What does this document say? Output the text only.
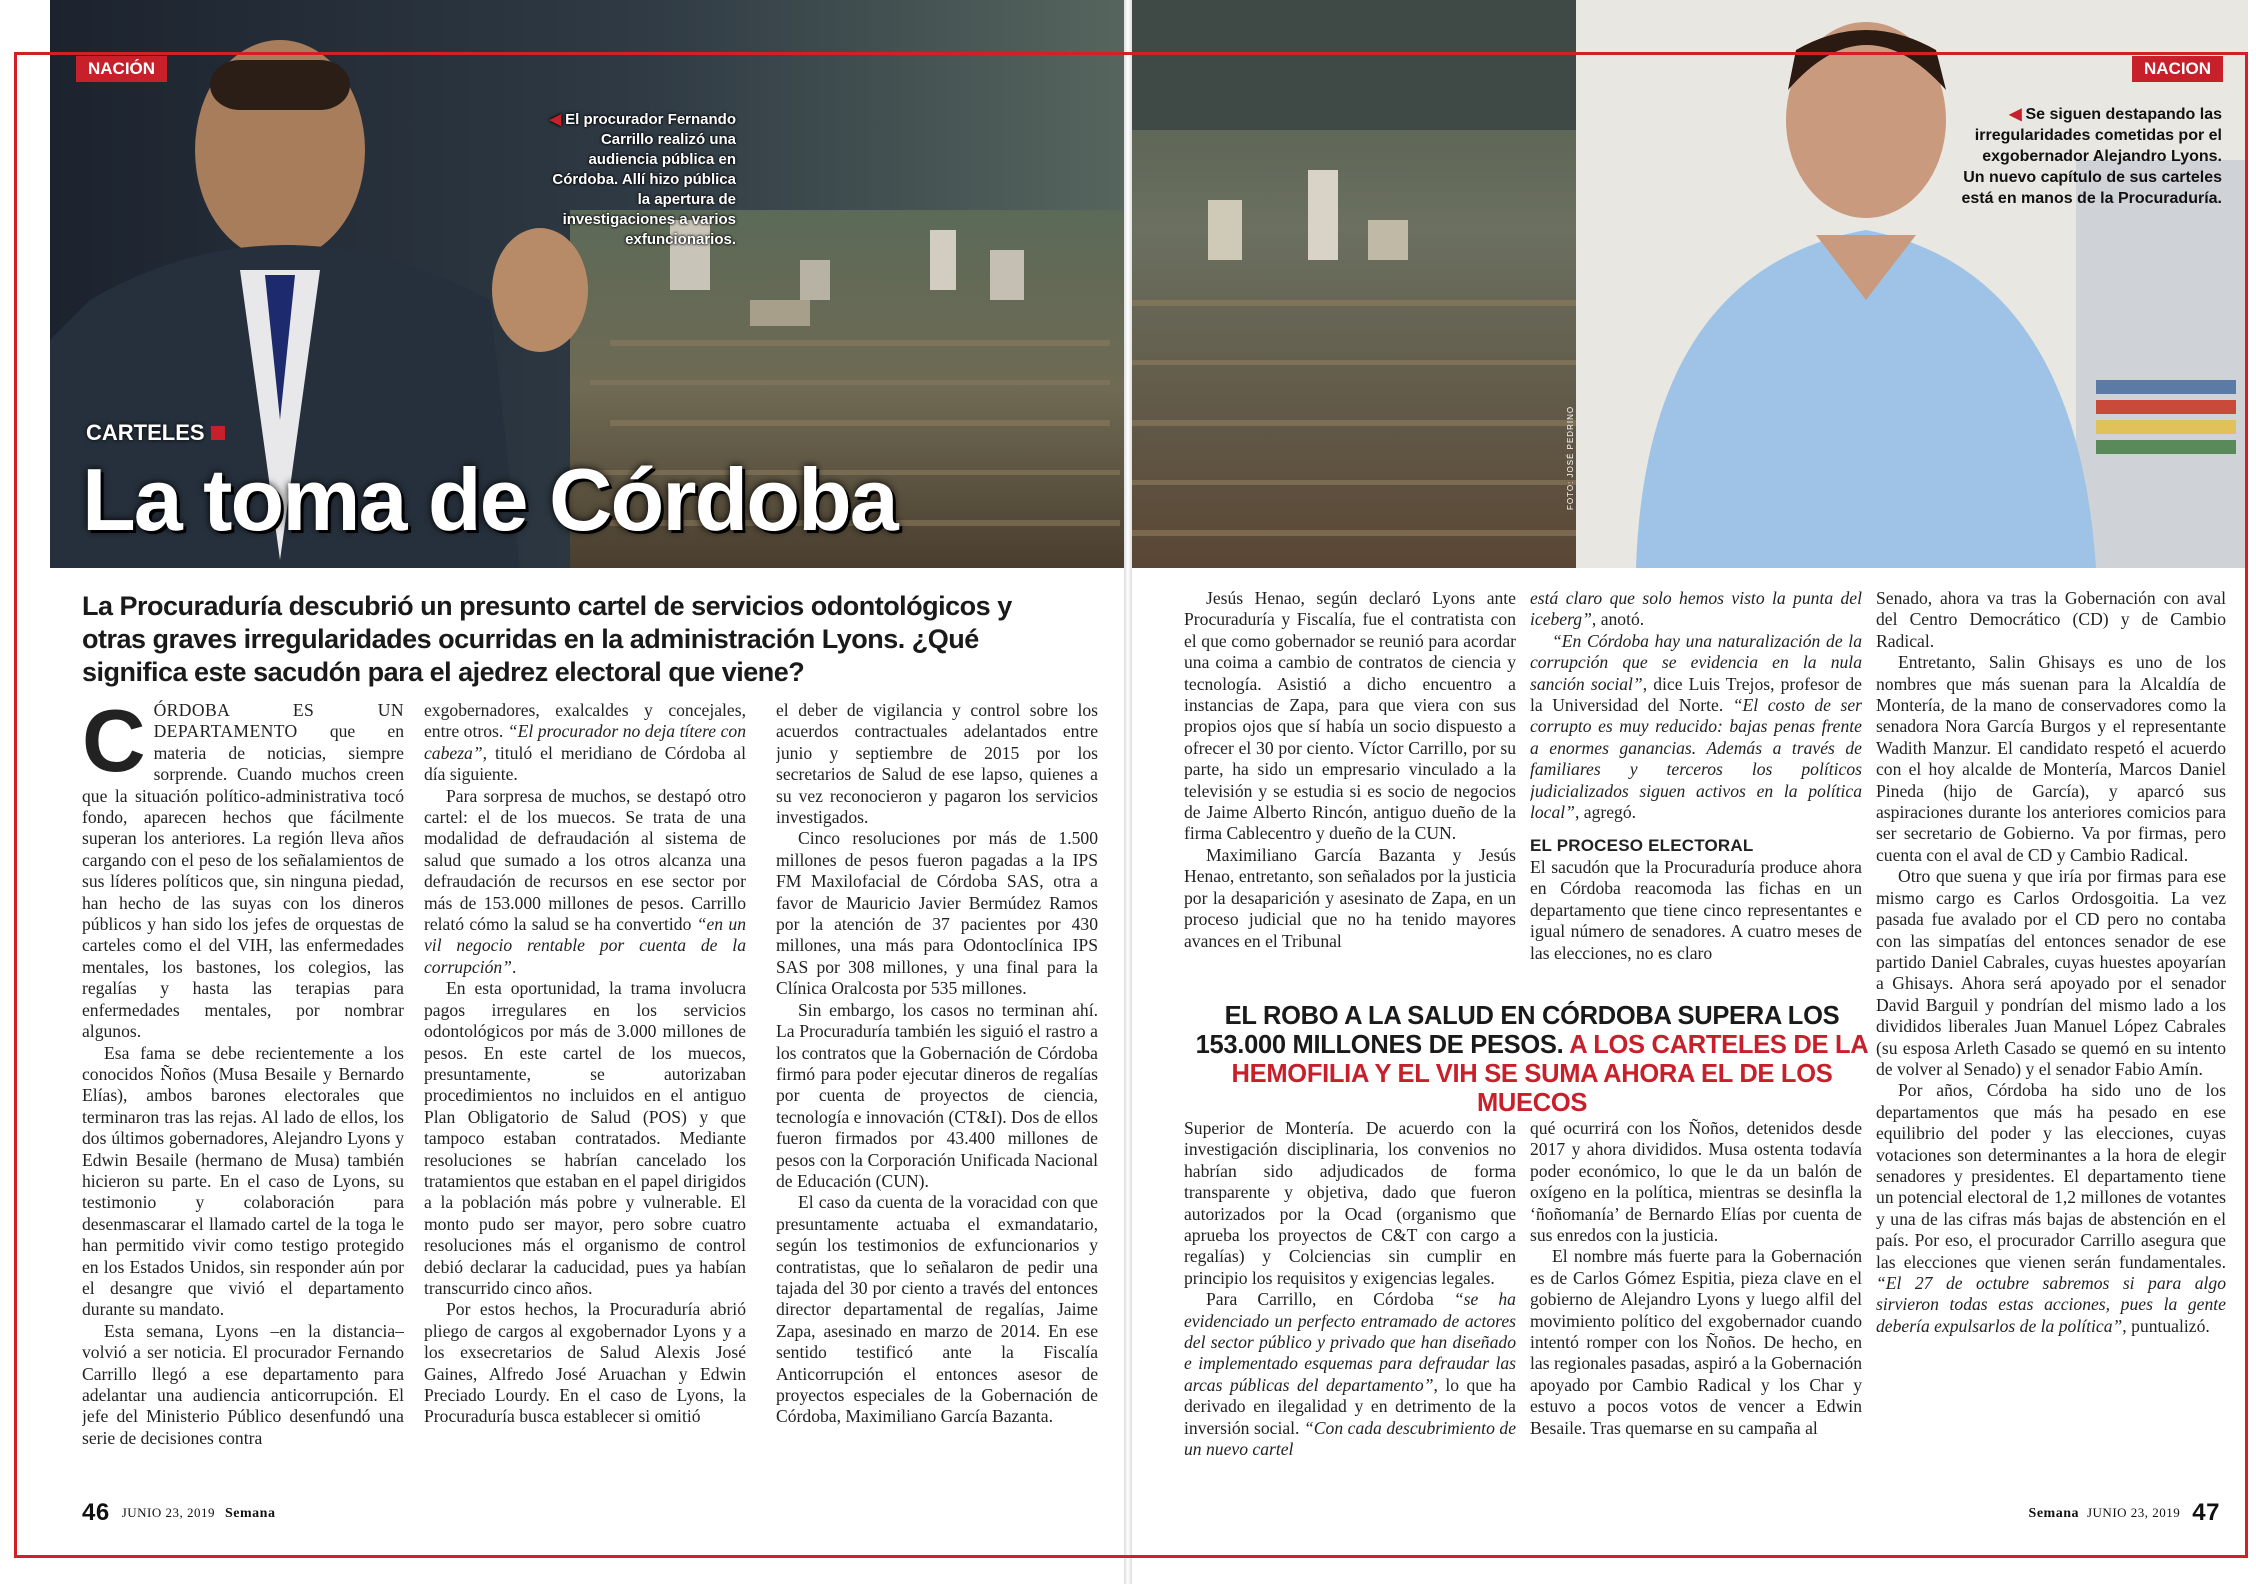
NACIÓN
◀ El procurador Fernando Carrillo realizó una audiencia pública en Córdoba. Allí hizo pública la apertura de investigaciones a varios exfuncionarios.
CARTELES
La toma de Córdoba
La Procuraduría descubrió un presunto cartel de servicios odontológicos y otras graves irregularidades ocurridas en la administración Lyons. ¿Qué significa este sacudón para el ajedrez electoral que viene?

CÓRDOBA ES UN DEPARTAMENTO que en materia de noticias, siempre sorprende. Cuando muchos creen que la situación político-administrativa tocó fondo, aparecen hechos que fácilmente superan los anteriores. La región lleva años cargando con el peso de los señalamientos de sus líderes políticos que, sin ninguna piedad, han hecho de las suyas con los dineros públicos y han sido los jefes de orquestas de carteles como el del VIH, las enfermedades mentales, los bastones, los colegios, las regalías y hasta las terapias para enfermedades mentales, por nombrar algunos.

Esa fama se debe recientemente a los conocidos Ñoños (Musa Besaile y Bernardo Elías), ambos barones electorales que terminaron tras las rejas. Al lado de ellos, los dos últimos gobernadores, Alejandro Lyons y Edwin Besaile (hermano de Musa) también hicieron su parte. En el caso de Lyons, su testimonio y colaboración para desenmascarar el llamado cartel de la toga le han permitido vivir como testigo protegido en los Estados Unidos, sin responder aún por el desangre que vivió el departamento durante su mandato.

Esta semana, Lyons –en la distancia– volvió a ser noticia. El procurador Fernando Carrillo llegó a ese departamento para adelantar una audiencia anticorrupción. El jefe del Ministerio Público desenfundó una serie de decisiones contra

exgobernadores, exalcaldes y concejales, entre otros. “El procurador no deja títere con cabeza”, tituló el meridiano de Córdoba al día siguiente.

Para sorpresa de muchos, se destapó otro cartel: el de los muecos. Se trata de una modalidad de defraudación al sistema de salud que sumado a los otros alcanza una defraudación de recursos en ese sector por más de 153.000 millones de pesos. Carrillo relató cómo la salud se ha convertido “en un vil negocio rentable por cuenta de la corrupción”.

En esta oportunidad, la trama involucra pagos irregulares en los servicios odontológicos por más de 3.000 millones de pesos. En este cartel de los muecos, presuntamente, se autorizaban procedimientos no incluidos en el antiguo Plan Obligatorio de Salud (POS) y que tampoco estaban contratados. Mediante resoluciones se habrían cancelado los tratamientos que estaban en el papel dirigidos a la población más pobre y vulnerable. El monto pudo ser mayor, pero sobre cuatro resoluciones más el organismo de control debió declarar la caducidad, pues ya habían transcurrido cinco años.

Por estos hechos, la Procuraduría abrió pliego de cargos al exgobernador Lyons y a los exsecretarios de Salud Alexis José Gaines, Alfredo José Aruachan y Edwin Preciado Lourdy. En el caso de Lyons, la Procuraduría busca establecer si omitió

el deber de vigilancia y control sobre los acuerdos contractuales adelantados entre junio y septiembre de 2015 por los secretarios de Salud de ese lapso, quienes a su vez reconocieron y pagaron los servicios investigados.

Cinco resoluciones por más de 1.500 millones de pesos fueron pagadas a la IPS FM Maxilofacial de Córdoba SAS, otra a favor de Mauricio Javier Bermúdez Ramos por la atención de 37 pacientes por 430 millones, una más para Odontoclínica IPS SAS por 308 millones, y una final para la Clínica Oralcosta por 535 millones.

Sin embargo, los casos no terminan ahí. La Procuraduría también les siguió el rastro a los contratos que la Gobernación de Córdoba firmó para poder ejecutar dineros de regalías por cuenta de proyectos de ciencia, tecnología e innovación (CT&I). Dos de ellos fueron firmados por 43.400 millones de pesos con la Corporación Unificada Nacional de Educación (CUN).

El caso da cuenta de la voracidad con que presuntamente actuaba el exmandatario, según los testimonios de exfuncionarios y contratistas, que lo señalaron de pedir una tajada del 30 por ciento a través del entonces director departamental de regalías, Jaime Zapa, asesinado en marzo de 2014. En ese sentido testificó ante la Fiscalía Anticorrupción el entonces asesor de proyectos especiales de la Gobernación de Córdoba, Maximiliano García Bazanta.

46 JUNIO 23, 2019 Semana
NACION
◀ Se siguen destapando las irregularidades cometidas por el exgobernador Alejandro Lyons. Un nuevo capítulo de sus carteles está en manos de la Procuraduría.
FOTO: JOSÉ PEDRINO

Jesús Henao, según declaró Lyons ante Procuraduría y Fiscalía, fue el contratista con el que como gobernador se reunió para acordar una coima a cambio de contratos de ciencia y tecnología. Asistió a dicho encuentro a instancias de Zapa, para que viera con sus propios ojos que sí había un socio dispuesto a ofrecer el 30 por ciento. Víctor Carrillo, por su parte, ha sido un empresario vinculado a la televisión y se estudia si es socio de negocios de Jaime Alberto Rincón, antiguo dueño de la firma Cablecentro y dueño de la CUN.

Maximiliano García Bazanta y Jesús Henao, entretanto, son señalados por la justicia por la desaparición y asesinato de Zapa, en un proceso judicial que no ha tenido mayores avances en el Tribunal

está claro que solo hemos visto la punta del iceberg”, anotó.

“En Córdoba hay una naturalización de la corrupción que se evidencia en la nula sanción social”, dice Luis Trejos, profesor de la Universidad del Norte. “El costo de ser corrupto es muy reducido: bajas penas frente a enormes ganancias. Además a través de familiares y terceros los políticos judicializados siguen activos en la política local”, agregó.

EL PROCESO ELECTORAL

El sacudón que la Procuraduría produce ahora en Córdoba reacomoda las fichas en un departamento que tiene cinco representantes e igual número de senadores. A cuatro meses de las elecciones, no es claro

EL ROBO A LA SALUD EN CÓRDOBA SUPERA LOS 153.000 MILLONES DE PESOS. A LOS CARTELES DE LA HEMOFILIA Y EL VIH SE SUMA AHORA EL DE LOS MUECOS

Superior de Montería. De acuerdo con la investigación disciplinaria, los convenios no habrían sido adjudicados de forma transparente y objetiva, dado que fueron autorizados por la Ocad (organismo que aprueba los proyectos de C&T con cargo a regalías) y Colciencias sin cumplir en principio los requisitos y exigencias legales.

Para Carrillo, en Córdoba “se ha evidenciado un perfecto entramado de actores del sector público y privado que han diseñado e implementado esquemas para defraudar las arcas públicas del departamento”, lo que ha derivado en ilegalidad y en detrimento de la inversión social. “Con cada descubrimiento de un nuevo cartel

qué ocurrirá con los Ñoños, detenidos desde 2017 y ahora divididos. Musa ostenta todavía poder económico, lo que le da un balón de oxígeno en la política, mientras se desinfla la ‘ñoñomanía’ de Bernardo Elías por cuenta de sus enredos con la justicia.

El nombre más fuerte para la Gobernación es de Carlos Gómez Espitia, pieza clave en el gobierno de Alejandro Lyons y luego alfil del movimiento político del exgobernador cuando intentó romper con los Ñoños. De hecho, en las regionales pasadas, aspiró a la Gobernación apoyado por Cambio Radical y los Char y estuvo a pocos votos de vencer a Edwin Besaile. Tras quemarse en su campaña al

Senado, ahora va tras la Gobernación con aval del Centro Democrático (CD) y de Cambio Radical.

Entretanto, Salin Ghisays es uno de los nombres que más suenan para la Alcaldía de Montería, de la mano de conservadores como la senadora Nora García Burgos y el representante Wadith Manzur. El candidato respetó el acuerdo con el hoy alcalde de Montería, Marcos Daniel Pineda (hijo de García), y aparcó sus aspiraciones durante los anteriores comicios para ser secretario de Gobierno. Va por firmas, pero cuenta con el aval de CD y Cambio Radical.

Otro que suena y que iría por firmas para ese mismo cargo es Carlos Ordosgoitia. La vez pasada fue avalado por el CD pero no contaba con las simpatías del entonces senador de ese partido Daniel Cabrales, cuyas huestes apoyarían a Ghisays. Ahora será apoyado por el senador David Barguil y pondrían del mismo lado a los divididos liberales Juan Manuel López Cabrales (su esposa Arleth Casado se quemó en su intento de volver al Senado) y el senador Fabio Amín.

Por años, Córdoba ha sido uno de los departamentos que más ha pesado en ese equilibrio del poder y las elecciones, cuyas votaciones son determinantes a la hora de elegir senadores y presidentes. El departamento tiene un potencial electoral de 1,2 millones de votantes y una de las cifras más bajas de abstención en el país. Por eso, el procurador Carrillo asegura que las elecciones que vienen serán fundamentales. “El 27 de octubre sabremos si para algo sirvieron todas estas acciones, pues la gente debería expulsarlos de la política”, puntualizó.

Semana JUNIO 23, 2019 47
